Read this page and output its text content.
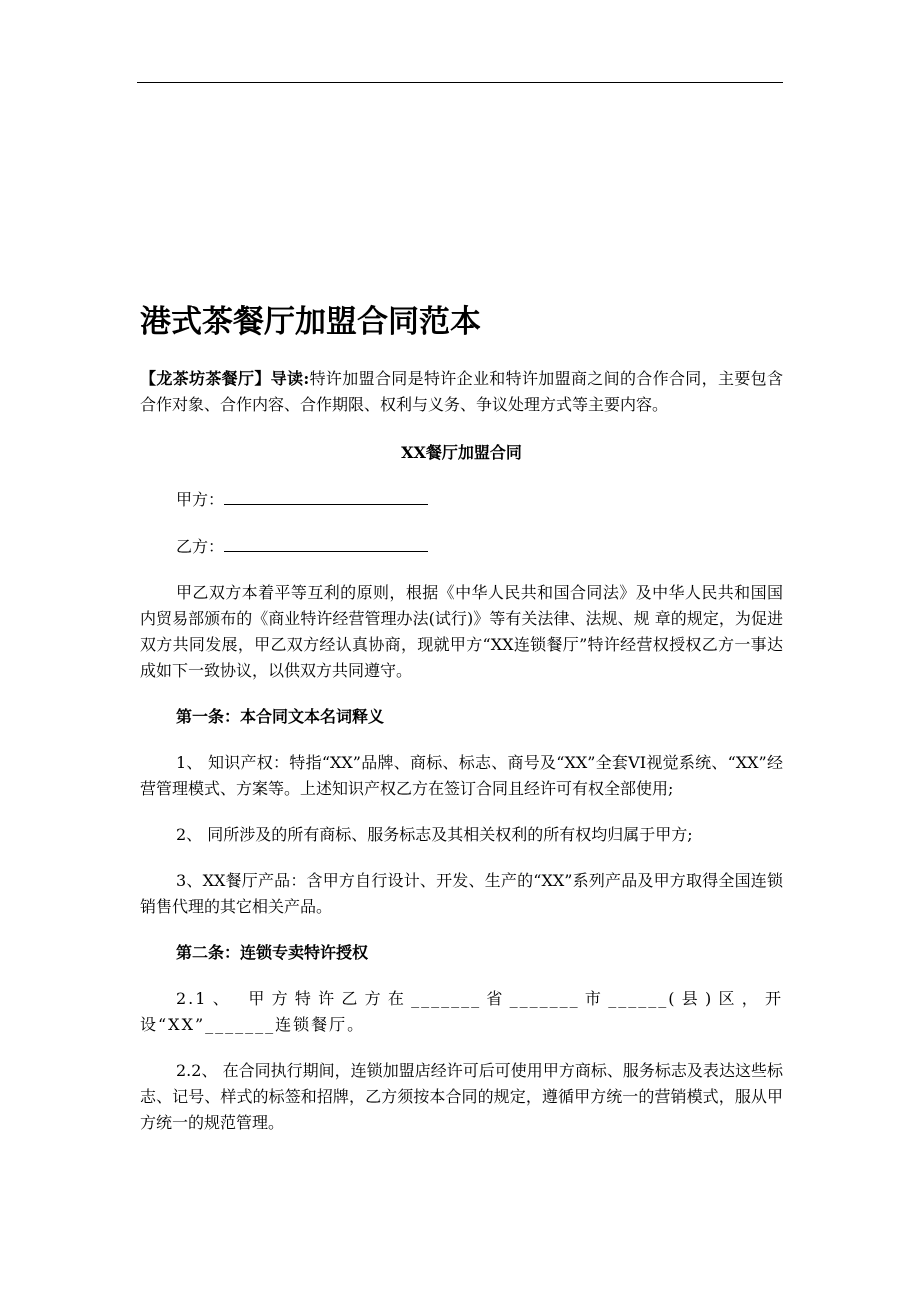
港式茶餐厅加盟合同范本

【龙茶坊茶餐厅】导读:特许加盟合同是特许企业和特许加盟商之间的合作合同，主要包含合作对象、合作内容、合作期限、权利与义务、争议处理方式等主要内容。

XX餐厅加盟合同

甲方：

乙方：

甲乙双方本着平等互利的原则，根据《中华人民共和国合同法》及中华人民共和国国内贸易部颁布的《商业特许经营管理办法(试行)》等有关法律、法规、规 章的规定，为促进双方共同发展，甲乙双方经认真协商，现就甲方“XX连锁餐厅”特许经营权授权乙方一事达成如下一致协议，以供双方共同遵守。

第一条：本合同文本名词释义

1、 知识产权：特指“XX”品牌、商标、标志、商号及“XX”全套VI视觉系统、“XX”经营管理模式、方案等。上述知识产权乙方在签订合同且经许可有权全部使用;

2、 同所涉及的所有商标、服务标志及其相关权利的所有权均归属于甲方;

3、XX餐厅产品：含甲方自行设计、开发、生产的“XX”系列产品及甲方取得全国连锁销售代理的其它相关产品。

第二条：连锁专卖特许授权

2.1、 甲方特许乙方在_______省_______市______(县)区，开设“XX”_______连锁餐厅。

2.2、 在合同执行期间，连锁加盟店经许可后可使用甲方商标、服务标志及表达这些标志、记号、样式的标签和招牌，乙方须按本合同的规定，遵循甲方统一的营销模式，服从甲方统一的规范管理。
